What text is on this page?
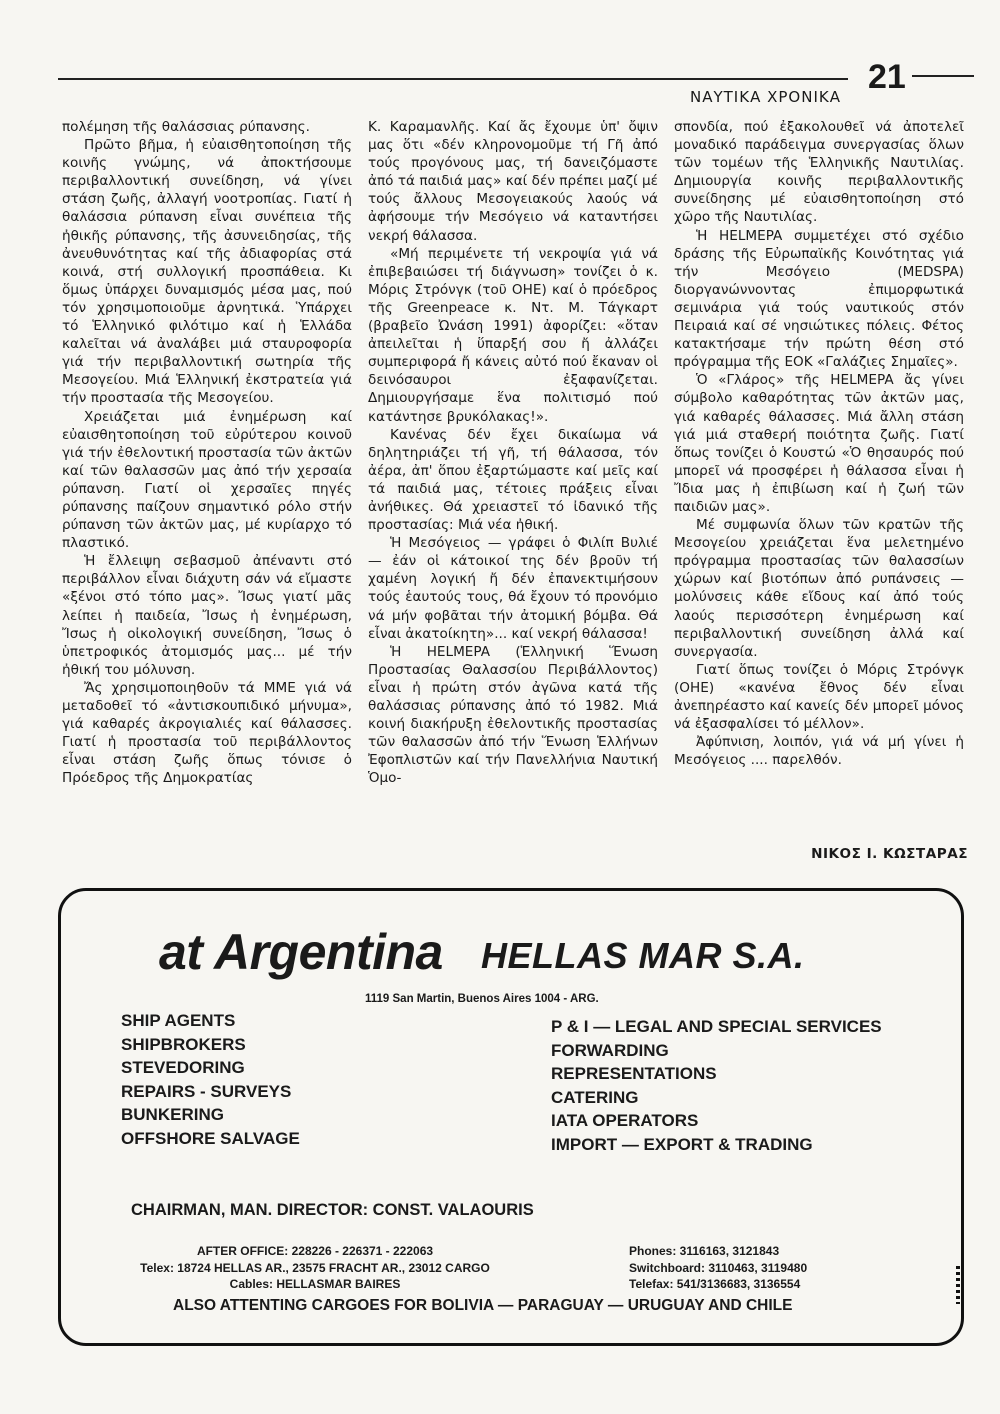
ΝΑΥΤΙΚΑ ΧΡΟΝΙΚΑ
21

πολέμηση τῆς θαλάσσιας ρύπανσης.

Πρῶτο βῆμα, ἡ εὐαισθητοποίηση τῆς κοινῆς γνώμης, νά ἀποκτήσουμε περιβαλλοντική συνείδηση, νά γίνει στάση ζωῆς, ἀλλαγή νοοτροπίας. Γιατί ἡ θαλάσσια ρύπανση εἶναι συνέπεια τῆς ἠθικῆς ρύπανσης, τῆς ἀσυνειδησίας, τῆς ἀνευθυνότητας καί τῆς ἀδιαφορίας στά κοινά, στή συλλογική προσπάθεια. Κι ὅμως ὑπάρχει δυναμισμός μέσα μας, πού τόν χρησιμοποιοῦμε ἀρνητικά. Ὑπάρχει τό Ἑλληνικό φιλότιμο καί ἡ Ἑλλάδα καλεῖται νά ἀναλάβει μιά σταυροφορία γιά τήν περιβαλλοντική σωτηρία τῆς Μεσογείου. Μιά Ἑλληνική ἐκστρατεία γιά τήν προστασία τῆς Μεσογείου.

Χρειάζεται μιά ἐνημέρωση καί εὐαισθητοποίηση τοῦ εὐρύτερου κοινοῦ γιά τήν ἐθελοντική προστασία τῶν ἀκτῶν καί τῶν θαλασσῶν μας ἀπό τήν χερσαία ρύπανση. Γιατί οἱ χερσαῖες πηγές ρύπανσης παίζουν σημαντικό ρόλο στήν ρύπανση τῶν ἀκτῶν μας, μέ κυρίαρχο τό πλαστικό.

Ἡ ἔλλειψη σεβασμοῦ ἀπέναντι στό περιβάλλον εἶναι διάχυτη σάν νά εἴμαστε «ξένοι στό τόπο μας». Ἴσως γιατί μᾶς λείπει ἡ παιδεία, Ἴσως ἡ ἐνημέρωση, Ἴσως ἡ οἰκολογική συνείδηση, Ἴσως ὁ ὑπετροφικός ἀτομισμός μας... μέ τήν ἠθική του μόλυνση.

Ἄς χρησιμοποιηθοῦν τά ΜΜΕ γιά νά μεταδοθεῖ τό «ἀντισκουπιδικό μήνυμα», γιά καθαρές ἀκρογιαλιές καί θάλασσες. Γιατί ἡ προστασία τοῦ περιβάλλοντος εἶναι στάση ζωῆς ὅπως τόνισε ὁ Πρόεδρος τῆς Δημοκρατίας

Κ. Καραμανλῆς. Καί ἄς ἔχουμε ὑπ' ὄψιν μας ὅτι «δέν κληρονομοῦμε τή Γῆ ἀπό τούς προγόνους μας, τή δανειζόμαστε ἀπό τά παιδιά μας» καί δέν πρέπει μαζί μέ τούς ἄλλους Μεσογειακούς λαούς νά ἀφήσουμε τήν Μεσόγειο νά καταντήσει νεκρή θάλασσα.

«Μή περιμένετε τή νεκροψία γιά νά ἐπιβεβαιώσει τή διάγνωση» τονίζει ὁ κ. Μόρις Στρόνγκ (τοῦ ΟΗΕ) καί ὁ πρόεδρος τῆς Greenpeace κ. Ντ. Μ. Τάγκαρτ (βραβεῖο Ὠνάση 1991) ἀφορίζει: «ὅταν ἀπειλεῖται ἡ ὕπαρξή σου ἤ ἀλλάζει συμπεριφορά ἤ κάνεις αὐτό πού ἔκαναν οἱ δεινόσαυροι ἐξαφανίζεται. Δημιουργήσαμε ἕνα πολιτισμό πού κατάντησε βρυκόλακας!».

Κανένας δέν ἔχει δικαίωμα νά δηλητηριάζει τή γῆ, τή θάλασσα, τόν ἀέρα, ἀπ' ὅπου ἐξαρτώμαστε καί μεῖς καί τά παιδιά μας, τέτοιες πράξεις εἶναι ἀνήθικες. Θά χρειαστεῖ τό ἰδανικό τῆς προστασίας: Μιά νέα ἠθική.

Ἡ Μεσόγειος — γράφει ὁ Φιλίπ Βυλιέ — ἐάν οἱ κάτοικοί της δέν βροῦν τή χαμένη λογική ἤ δέν ἐπανεκτιμήσουν τούς ἑαυτούς τους, θά ἔχουν τό προνόμιο νά μήν φοβᾶται τήν ἀτομική βόμβα. Θά εἶναι ἀκατοίκητη»... καί νεκρή θάλασσα!

Ἡ HELMEPA (Ἑλληνική Ἕνωση Προστασίας Θαλασσίου Περιβάλλοντος) εἶναι ἡ πρώτη στόν ἀγῶνα κατά τῆς θαλάσσιας ρύπανσης ἀπό τό 1982. Μιά κοινή διακήρυξη ἐθελοντικῆς προστασίας τῶν θαλασσῶν ἀπό τήν Ἕνωση Ἑλλήνων Ἐφοπλιστῶν καί τήν Πανελλήνια Ναυτική Ὁμο-

σπονδία, πού ἐξακολουθεῖ νά ἀποτελεῖ μοναδικό παράδειγμα συνεργασίας ὅλων τῶν τομέων τῆς Ἑλληνικῆς Ναυτιλίας. Δημιουργία κοινῆς περιβαλλοντικῆς συνείδησης μέ εὐαισθητοποίηση στό χῶρο τῆς Ναυτιλίας.

Ἡ HELMEPA συμμετέχει στό σχέδιο δράσης τῆς Εὐρωπαϊκῆς Κοινότητας γιά τήν Μεσόγειο (MEDSPA) διοργανώννοντας ἐπιμορφωτικά σεμινάρια γιά τούς ναυτικούς στόν Πειραιά καί σέ νησιώτικες πόλεις. Φέτος κατακτήσαμε τήν πρώτη θέση στό πρόγραμμα τῆς ΕΟΚ «Γαλάζιες Σημαῖες».

Ὁ «Γλάρος» τῆς HELMEPA ἄς γίνει σύμβολο καθαρότητας τῶν ἀκτῶν μας, γιά καθαρές θάλασσες. Μιά ἄλλη στάση γιά μιά σταθερή ποιότητα ζωῆς. Γιατί ὅπως τονίζει ὁ Κουστώ «Ὁ θησαυρός πού μπορεῖ νά προσφέρει ἡ θάλασσα εἶναι ἡ Ἴδια μας ἡ ἐπιβίωση καί ἡ ζωή τῶν παιδιῶν μας».

Μέ συμφωνία ὅλων τῶν κρατῶν τῆς Μεσογείου χρειάζεται ἕνα μελετημένο πρόγραμμα προστασίας τῶν θαλασσίων χώρων καί βιοτόπων ἀπό ρυπάνσεις — μολύνσεις κάθε εἴδους καί ἀπό τούς λαούς περισσότερη ἐνημέρωση καί περιβαλλοντική συνείδηση ἀλλά καί συνεργασία.

Γιατί ὅπως τονίζει ὁ Μόρις Στρόνγκ (ΟΗΕ) «κανένα ἔθνος δέν εἶναι ἀνεπηρέαστο καί κανείς δέν μπορεῖ μόνος νά ἐξασφαλίσει τό μέλλον».

Ἀφύπνιση, λοιπόν, γιά νά μή γίνει ἡ Μεσόγειος .... παρελθόν.

ΝΙΚΟΣ Ι. ΚΩΣΤΑΡΑΣ
at Argentina HELLAS MAR S.A.
1119 San Martin, Buenos Aires 1004 - ARG.
SHIP AGENTS
SHIPBROKERS
STEVEDORING
REPAIRS - SURVEYS
BUNKERING
OFFSHORE SALVAGE
P & I — LEGAL AND SPECIAL SERVICES
FORWARDING
REPRESENTATIONS
CATERING
IATA OPERATORS
IMPORT — EXPORT & TRADING
CHAIRMAN, MAN. DIRECTOR: CONST. VALAOURIS
AFTER OFFICE: 228226 - 226371 - 222063
Telex: 18724 HELLAS AR., 23575 FRACHT AR., 23012 CARGO
Cables: HELLASMAR BAIRES
Phones: 3116163, 3121843
Switchboard: 3110463, 3119480
Telefax: 541/3136683, 3136554
ALSO ATTENTING CARGOES FOR BOLIVIA — PARAGUAY — URUGUAY AND CHILE
